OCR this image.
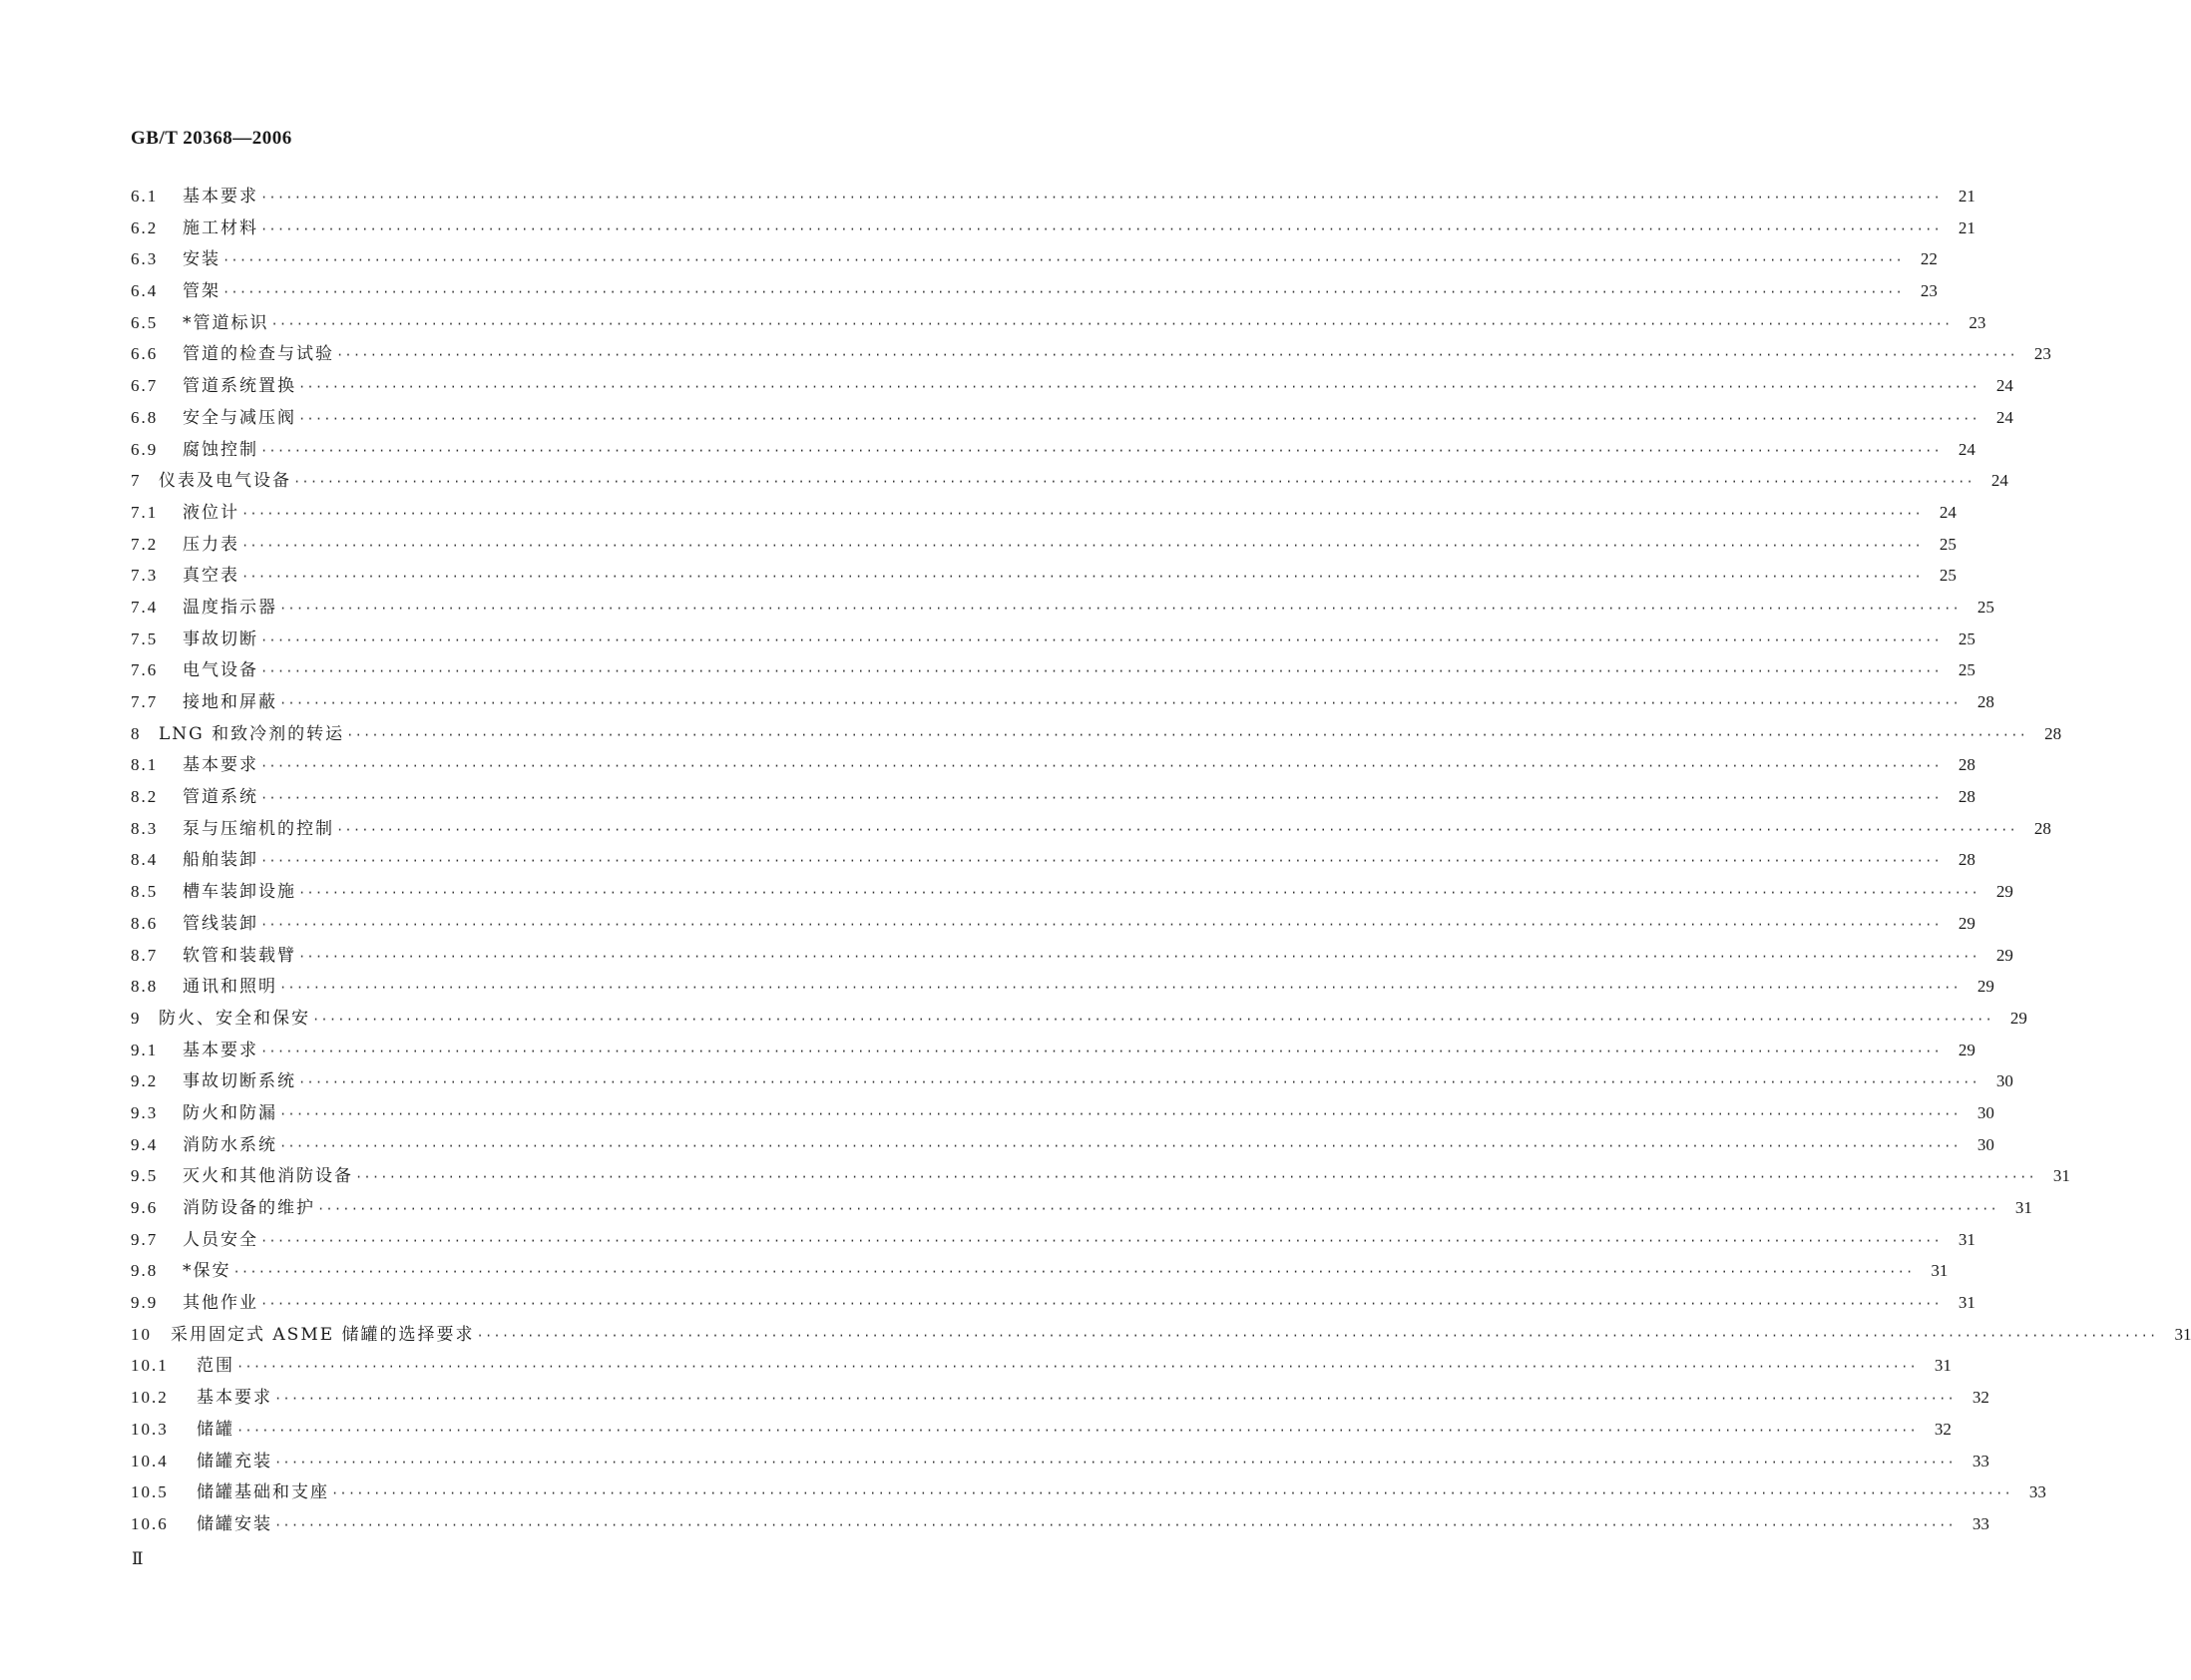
GB/T 20368—2006
6.1	基本要求 ········································································································································································································	21
6.2	施工材料 ········································································································································································································	21
6.3	安装 ········································································································································································································	22
6.4	管架 ········································································································································································································	23
6.5	*管道标识 ········································································································································································································	23
6.6	管道的检查与试验 ········································································································································································································	23
6.7	管道系统置换 ········································································································································································································	24
6.8	安全与减压阀 ········································································································································································································	24
6.9	腐蚀控制 ········································································································································································································	24
7	仪表及电气设备 ········································································································································································································	24
7.1	液位计 ········································································································································································································	24
7.2	压力表 ········································································································································································································	25
7.3	真空表 ········································································································································································································	25
7.4	温度指示器 ········································································································································································································	25
7.5	事故切断 ········································································································································································································	25
7.6	电气设备 ········································································································································································································	25
7.7	接地和屏蔽 ········································································································································································································	28
8	LNG 和致冷剂的转运 ········································································································································································································	28
8.1	基本要求 ········································································································································································································	28
8.2	管道系统 ········································································································································································································	28
8.3	泵与压缩机的控制 ········································································································································································································	28
8.4	船舶装卸 ········································································································································································································	28
8.5	槽车装卸设施 ········································································································································································································	29
8.6	管线装卸 ········································································································································································································	29
8.7	软管和装载臂 ········································································································································································································	29
8.8	通讯和照明 ········································································································································································································	29
9	防火、安全和保安 ········································································································································································································	29
9.1	基本要求 ········································································································································································································	29
9.2	事故切断系统 ········································································································································································································	30
9.3	防火和防漏 ········································································································································································································	30
9.4	消防水系统 ········································································································································································································	30
9.5	灭火和其他消防设备 ········································································································································································································	31
9.6	消防设备的维护 ········································································································································································································	31
9.7	人员安全 ········································································································································································································	31
9.8	*保安 ········································································································································································································	31
9.9	其他作业 ········································································································································································································	31
10	采用固定式 ASME 储罐的选择要求 ········································································································································································································	31
10.1	范围 ········································································································································································································	31
10.2	基本要求 ········································································································································································································	32
10.3	储罐 ········································································································································································································	32
10.4	储罐充装 ········································································································································································································	33
10.5	储罐基础和支座 ········································································································································································································	33
10.6	储罐安装 ········································································································································································································	33
Ⅱ
